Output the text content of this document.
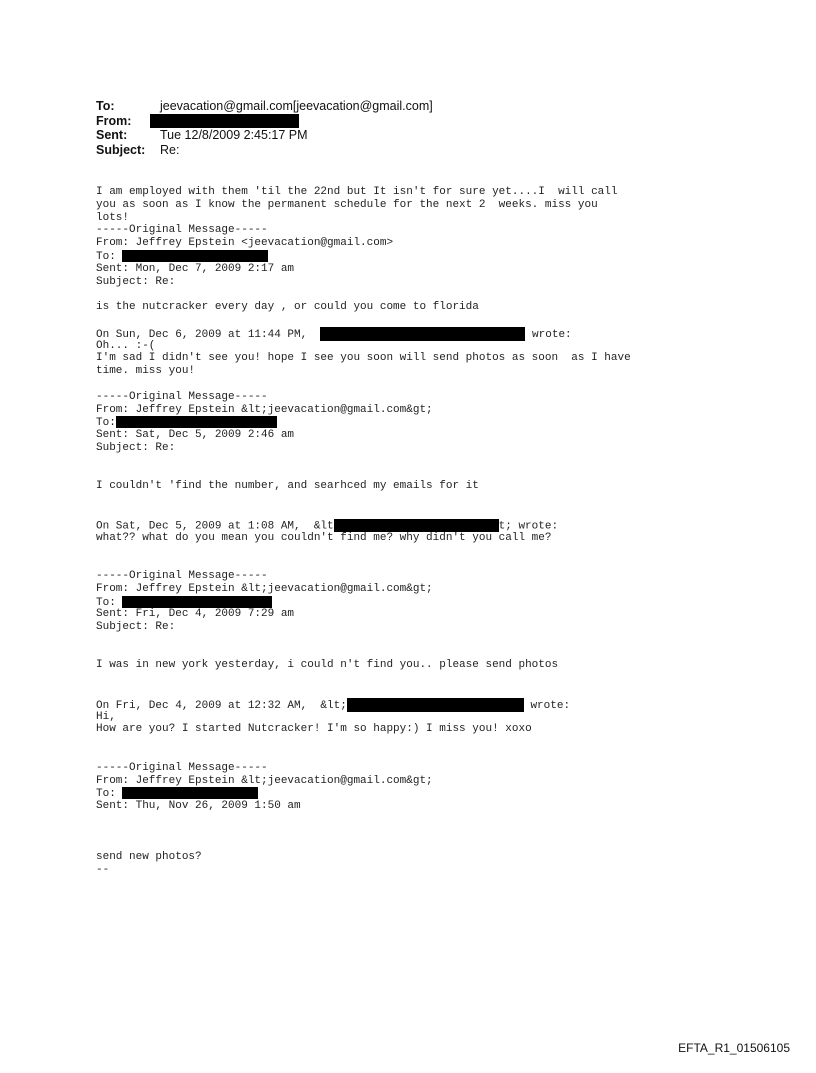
To:	jeevacation@gmail.com[jeevacation@gmail.com]
From:
Sent:	Tue 12/8/2009 2:45:17 PM
Subject:	Re:
I am employed with them 'til the 22nd but It isn't for sure yet....I  will call
you as soon as I know the permanent schedule for the next 2  weeks. miss you
lots!
-----Original Message-----
From: Jeffrey Epstein <jeevacation@gmail.com>
To:
Sent: Mon, Dec 7, 2009 2:17 am
Subject: Re:
is the nutcracker every day , or could you come to florida
On Sun, Dec 6, 2009 at 11:44 PM,	wrote:
Oh... :-(
I'm sad I didn't see you! hope I see you soon will send photos as soon  as I have
time. miss you!
-----Original Message-----
From: Jeffrey Epstein &lt;jeevacation@gmail.com&gt;
To:
Sent: Sat, Dec 5, 2009 2:46 am
Subject: Re:
I couldn't 'find the number, and searhced my emails for it
On Sat, Dec 5, 2009 at 1:08 AM,  &lt	t; wrote:
what?? what do you mean you couldn't find me? why didn't you call me?
-----Original Message-----
From: Jeffrey Epstein &lt;jeevacation@gmail.com&gt;
To:
Sent: Fri, Dec 4, 2009 7:29 am
Subject: Re:
I was in new york yesterday, i could n't find you.. please send photos
On Fri, Dec 4, 2009 at 12:32 AM,  &lt;	wrote:
Hi,
How are you? I started Nutcracker! I'm so happy:) I miss you! xoxo
-----Original Message-----
From: Jeffrey Epstein &lt;jeevacation@gmail.com&gt;
To:
Sent: Thu, Nov 26, 2009 1:50 am
send new photos?
--
EFTA_R1_01506105
